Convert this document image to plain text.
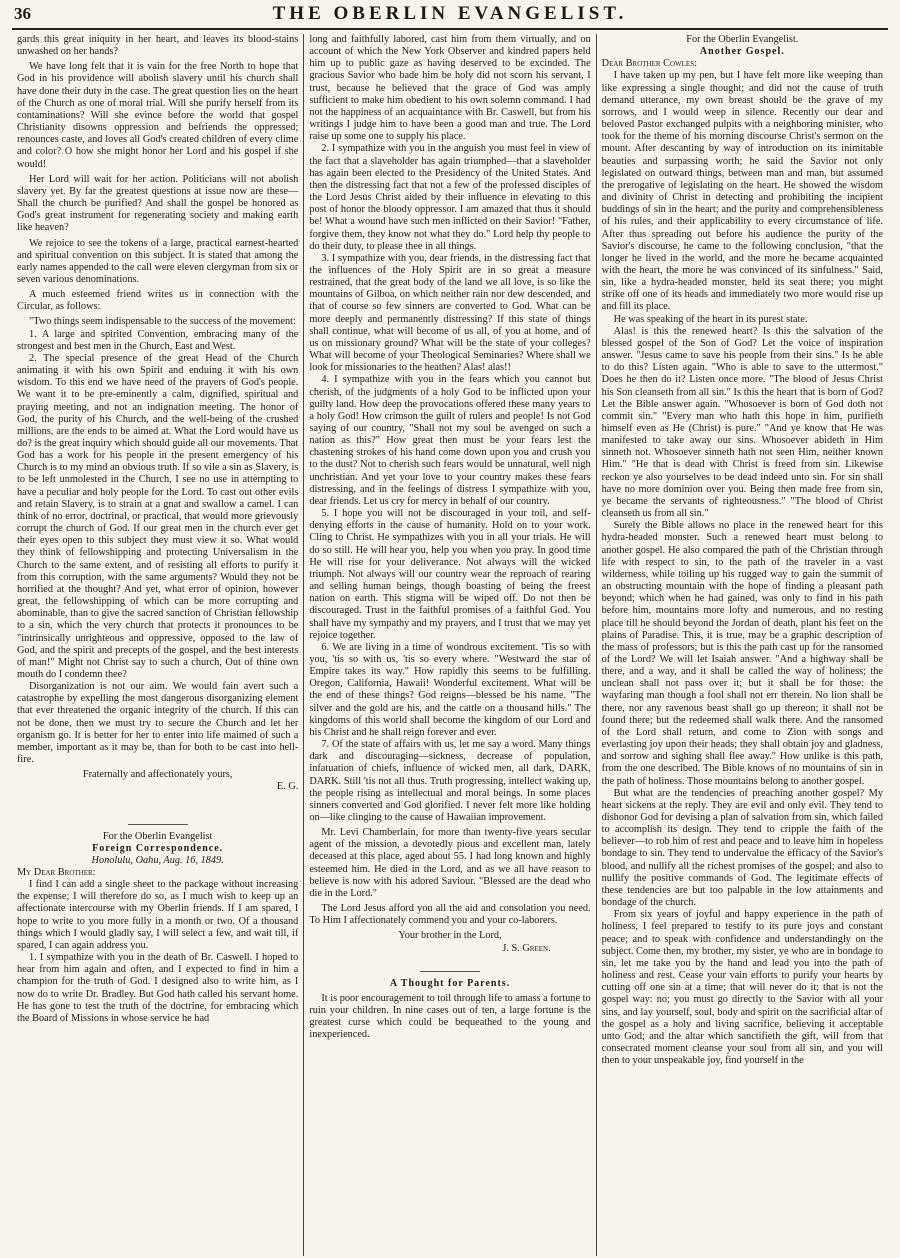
36	THE OBERLIN EVANGELIST.

gards this great iniquity in her heart, and leaves its blood-stains unwashed on her hands?

We have long felt that it is vain for the free North to hope that God in his providence will abolish slavery until his church shall have done their duty in the case. The great question lies on the heart of the Church as one of moral trial. Will she purify herself from its contaminations? Will she evince before the world that gospel Christianity disowns oppression and befriends the oppressed; renounces caste, and loves all God's created children of every clime and color? O how she might honor her Lord and his gospel if she would!

Her Lord will wait for her action. Politicians will not abolish slavery yet. By far the greatest questions at issue now are these—Shall the church be purified? And shall the gospel be honored as God's great instrument for regenerating society and making earth like heaven?

We rejoice to see the tokens of a large, practical earnest-hearted and spiritual convention on this subject. It is stated that among the early names appended to the call were eleven clergyman from six or seven various denominations.

A much esteemed friend writes us in connection with the Circular, as follows:

"Two things seem indispensable to the success of the movement:

1. A large and spirited Convention, embracing many of the strongest and best men in the Church, East and West.

2. The special presence of the great Head of the Church animating it with his own Spirit and enduing it with his own wisdom. To this end we have need of the prayers of God's people. We want it to be pre-eminently a calm, dignified, spiritual and praying meeting, and not an indignation meeting. The honor of God, the purity of his Church, and the well-being of the crushed millions, are the ends to be aimed at. What the Lord would have us do? is the great inquiry which should guide all our movements. That God has a work for his people in the present emergency of his Church is to my mind an obvious truth. If so vile a sin as Slavery, is to be left unmolested in the Church, I see no use in attempting to have a peculiar and holy people for the Lord. To cast out other evils and retain Slavery, is to strain at a gnat and swallow a camel. I can think of no error, doctrinal, or practical, that would more grievously corrupt the church of God. If our great men in the church ever get their eyes open to this subject they must view it so. What would they think of fellowshipping and protecting Universalism in the Church to the same extent, and of resisting all efforts to purify it from this corruption, with the same arguments? Would they not be horrified at the thought? And yet, what error of opinion, however great, the fellowshipping of which can be more corrupting and abominable, than to give the sacred sanction of Christian fellowship to a sin, which the very church that protects it pronounces to be "intrinsically unrighteous and oppressive, opposed to the law of God, and the spirit and precepts of the gospel, and the best interests of man!" Might not Christ say to such a church, Out of thine own mouth do I condemn thee?

Disorganization is not our aim. We would fain avert such a catastrophe by expelling the most dangerous disorganizing element that ever threatened the organic integrity of the church. If this can not be done, then we must try to secure the Church and let her organism go. It is better for her to enter into life maimed of such a member, important as it may be, than for both to be cast into hell-fire.

Fraternally and affectionately yours,

E. G.

For the Oberlin Evangelist

Foreign Correspondence.

Honolulu, Oahu, Aug. 16, 1849.

My Dear Brother:

I find I can add a single sheet to the package without increasing the expense; I will therefore do so, as I much wish to keep up an affectionate intercourse with my Oberlin friends. If I am spared, I hope to write to you more fully in a month or two. Of a thousand things which I would gladly say, I will select a few, and wait till, if spared, I can again address you.

1. I sympathize with you in the death of Br. Caswell. I hoped to hear from him again and often, and I expected to find in him a champion for the truth of God. I designed also to write him, as I now do to write Dr. Bradley. But God hath called his servant home. He has gone to test the truth of the doctrine, for embracing which the Board of Missions in whose service he had

long and faithfully labored, cast him from them virtually, and on account of which the New York Observer and kindred papers held him up to public gaze as having deserved to be excinded. The gracious Savior who bade him be holy did not scorn his servant, I trust, because he believed that the grace of God was amply sufficient to make him obedient to his own solemn command. I had not the happiness of an acquaintance with Br. Caswell, but from his writings I judge him to have been a good man and true. The Lord raise up some one to supply his place.

2. I sympathize with you in the anguish you must feel in view of the fact that a slaveholder has again triumphed—that a slaveholder has again been elected to the Presidency of the United States. And then the distressing fact that not a few of the professed disciples of the Lord Jesus Christ aided by their influence in elevating to this post of honor the bloody oppressor. I am amazed that thus it should be! What a wound have such men inflicted on their Savior! "Father, forgive them, they know not what they do." Lord help thy people to do their duty, to please thee in all things.

3. I sympathize with you, dear friends, in the distressing fact that the influences of the Holy Spirit are in so great a measure restrained, that the great body of the land we all love, is so like the mountains of Gilboa, on which neither rain nor dew descended, and that of course so few sinners are converted to God. What can be more deeply and permanently distressing? If this state of things shall continue, what will become of us all, of you at home, and of us on missionary ground? What will be the state of your colleges? What will become of your Theological Seminaries? Where shall we look for missionaries to the heathen? Alas! alas!!

4. I sympathize with you in the fears which you cannot but cherish, of the judgments of a holy God to be inflicted upon your guilty land. How deep the provocations offered these many years to a holy God! How crimson the guilt of rulers and people! Is not God saying of our country, "Shall not my soul be avenged on such a nation as this?" How great then must be your fears lest the chastening strokes of his hand come down upon you and crush you to the dust? Not to cherish such fears would be unnatural, well nigh unchristian. And yet your love to your country makes these fears distressing, and in the feelings of distress I sympathize with you, dear friends. Let us cry for mercy in behalf of our country.

5. I hope you will not be discouraged in your toil, and self-denying efforts in the cause of humanity. Hold on to your work. Cling to Christ. He sympathizes with you in all your trials. He will do so still. He will hear you, help you when you pray. In good time He will rise for your deliverance. Not always will the wicked triumph. Not always will our country wear the reproach of rearing and selling human beings, though boasting of being the freest nation on earth. This stigma will be wiped off. Do not then be discouraged. Trust in the faithful promises of a faithful God. You shall have my sympathy and my prayers, and I trust that we may yet rejoice together.

6. We are living in a time of wondrous excitement. 'Tis so with you, 'tis so with us, 'tis so every where. "Westward the star of Empire takes its way." How rapidly this seems to be fulfilling. Oregon, California, Hawaii! Wonderful excitement. What will be the end of these things? God reigns—blessed be his name. "The silver and the gold are his, and the cattle on a thousand hills." The kingdoms of this world shall become the kingdom of our Lord and his Christ and he shall reign forever and ever.

7. Of the state of affairs with us, let me say a word. Many things dark and discouraging—sickness, decrease of population, infatuation of chiefs, influence of wicked men, all dark, DARK, DARK. Still 'tis not all thus. Truth progressing, intellect waking up, the people rising as intellectual and moral beings. In some places sinners converted and God glorified. I never felt more like holding on—like clinging to the cause of Hawaiian improvement.

Mr. Levi Chamberlain, for more than twenty-five years secular agent of the mission, a devotedly pious and excellent man, lately deceased at this place, aged about 55. I had long known and highly esteemed him. He died in the Lord, and as we all have reason to believe is now with his adored Saviour. "Blessed are the dead who die in the Lord."

The Lord Jesus afford you all the aid and consolation you need. To Him I affectionately commend you and your co-laborers.

Your brother in the Lord,

J. S. Green.

A Thought for Parents.

It is poor encouragement to toil through life to amass a fortune to ruin your children. In nine cases out of ten, a large fortune is the greatest curse which could be bequeathed to the young and inexperienced.

For the Oberlin Evangelist.

Another Gospel.

Dear Brother Cowles:

I have taken up my pen, but I have felt more like weeping than like expressing a single thought; and did not the cause of truth demand utterance, my own breast should be the grave of my sorrows, and I would weep in silence. Recently our dear and beloved Pastor exchanged pulpits with a neighboring minister, who took for the theme of his morning discourse Christ's sermon on the mount. After descanting by way of introduction on its inimitable beauties and surpassing worth; he said the Savior not only legislated on outward things, between man and man, but assumed the prerogative of legislating on the heart. He showed the wisdom and divinity of Christ in detecting and prohibiting the incipient buddings of sin in the heart; and the purity and comprehensibleness of his rules, and their applicability to every circumstance of life. After thus spreading out before his audience the purity of the Savior's discourse, he came to the following conclusion, "that the longer he lived in the world, and the more he became acquainted with the heart, the more he was convinced of its sinfulness." Said, sin, like a hydra-headed monster, held its seat there; you might strike off one of its heads and immediately two more would rise up and fill its place.

He was speaking of the heart in its purest state.

Alas! is this the renewed heart? Is this the salvation of the blessed gospel of the Son of God? Let the voice of inspiration answer. "Jesus came to save his people from their sins." Is he able to do this? Listen again. "Who is able to save to the uttermost." Does he then do it? Listen once more. "The blood of Jesus Christ his Son cleanseth from all sin." Is this the heart that is born of God? Let the Bible answer again. "Whosoever is born of God doth not commit sin." "Every man who hath this hope in him, purifieth himself even as He (Christ) is pure." "And ye know that He was manifested to take away our sins. Whosoever abideth in Him sinneth not. Whosoever sinneth hath not seen Him, neither known Him." "He that is dead with Christ is freed from sin. Likewise reckon ye also yourselves to be dead indeed unto sin. For sin shall have no more dominion over you. Being then made free from sin, ye became the servants of righteousness." "The blood of Christ cleanseth us from all sin."

Surely the Bible allows no place in the renewed heart for this hydra-headed monster. Such a renewed heart must belong to another gospel. He also compared the path of the Christian through life with respect to sin, to the path of the traveler in a vast wilderness, while toiling up his rugged way to gain the summit of an obstructing mountain with the hope of finding a pleasant path beyond; which when he had gained, was only to find in his path before him, mountains more lofty and numerous, and no resting place till he should beyond the Jordan of death, plant his feet on the plains of Paradise. This, it is true, may be a graphic description of the mass of professors; but is this the path cast up for the ransomed of the Lord? We will let Isaiah answer. "And a highway shall be there, and a way, and it shall be called the way of holiness; the unclean shall not pass over it; but it shall be for those: the wayfaring man though a fool shall not err therein. No lion shall be there, nor any ravenous beast shall go up thereon; it shall not be found there; but the redeemed shall walk there. And the ransomed of the Lord shall return, and come to Zion with songs and everlasting joy upon their heads; they shall obtain joy and gladness, and sorrow and sighing shall flee away." How unlike is this path, from the one described. The Bible knows of no mountains of sin in the path of holiness. Those mountains belong to another gospel.

But what are the tendencies of preaching another gospel? My heart sickens at the reply. They are evil and only evil. They tend to dishonor God for devising a plan of salvation from sin, which failed to accomplish its design. They tend to cripple the faith of the believer—to rob him of rest and peace and to leave him in hopeless bondage to sin. They tend to undervalue the efficacy of the Savior's blood, and nullify all the richest promises of the gospel; and also to nullify the positive commands of God. The legitimate effects of these tendencies are but too palpable in the low attainments and bondage of the church.

From six years of joyful and happy experience in the path of holiness, I feel prepared to testify to its pure joys and constant peace; and to speak with confidence and understandingly on the subject. Come then, my brother, my sister, ye who are in bondage to sin, let me take you by the hand and lead you into the path of holiness and rest. Cease your vain efforts to purify your hearts by cutting off one sin at a time; that will never do it; that is not the gospel way: no; you must go directly to the Savior with all your sins, and lay yourself, soul, body and spirit on the sacrificial altar of the gospel as a holy and living sacrifice, believing it acceptable unto God; and the altar which sanctifieth the gift, will from that consecrated moment cleanse your soul from all sin, and you will then to your unspeakable joy, find yourself in the
